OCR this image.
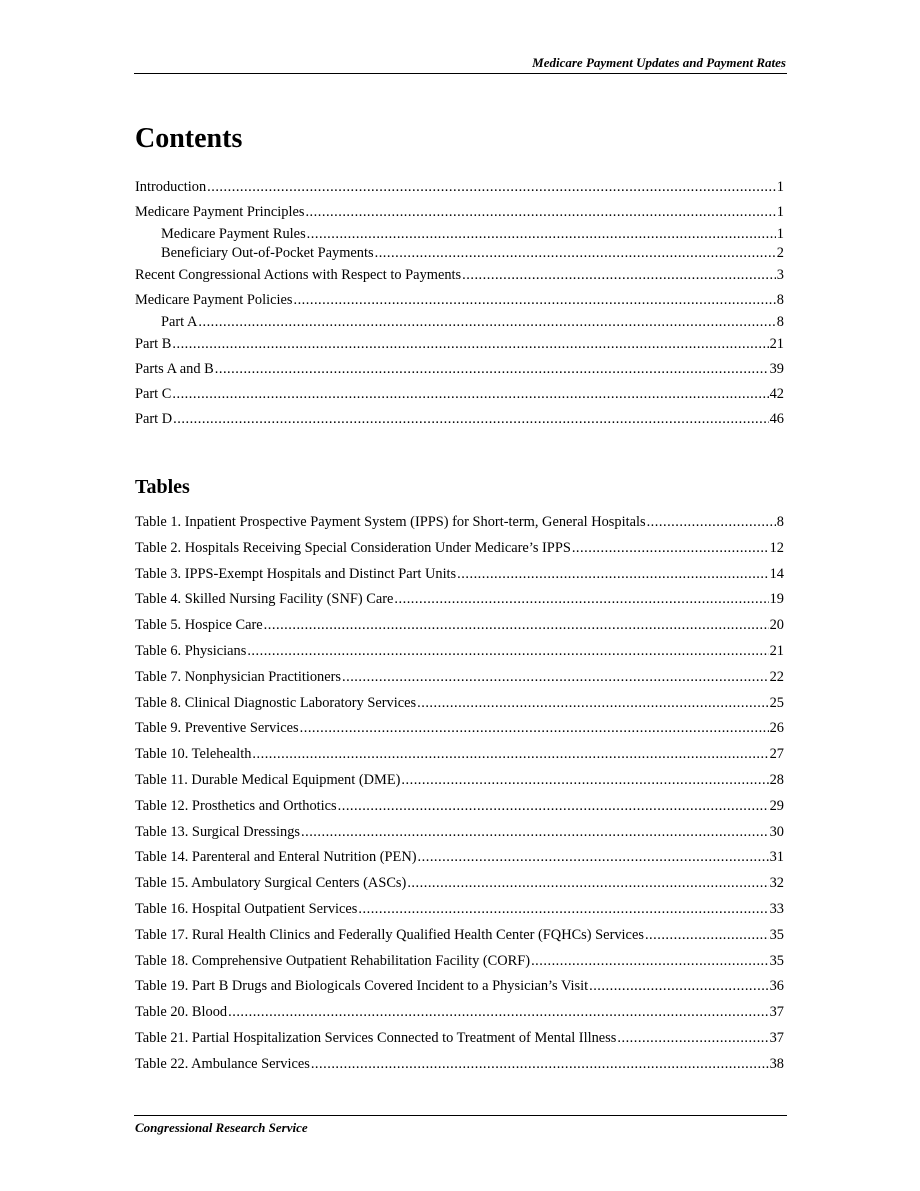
Medicare Payment Updates and Payment Rates
Contents
Introduction .....	1
Medicare Payment Principles .....	1
Medicare Payment Rules .....	1
Beneficiary Out-of-Pocket Payments .....	2
Recent Congressional Actions with Respect to Payments .....	3
Medicare Payment Policies .....	8
Part A .....	8
Part B .....	21
Parts A and B .....	39
Part C .....	42
Part D .....	46
Tables
Table 1. Inpatient Prospective Payment System (IPPS) for Short-term, General Hospitals .....	8
Table 2. Hospitals Receiving Special Consideration Under Medicare’s IPPS .....	12
Table 3. IPPS-Exempt Hospitals and Distinct Part Units .....	14
Table 4. Skilled Nursing Facility (SNF) Care .....	19
Table 5. Hospice Care .....	20
Table 6. Physicians .....	21
Table 7. Nonphysician Practitioners .....	22
Table 8. Clinical Diagnostic Laboratory Services .....	25
Table 9. Preventive Services .....	26
Table 10. Telehealth .....	27
Table 11. Durable Medical Equipment (DME) .....	28
Table 12. Prosthetics and Orthotics .....	29
Table 13. Surgical Dressings .....	30
Table 14. Parenteral and Enteral Nutrition (PEN) .....	31
Table 15. Ambulatory Surgical Centers (ASCs) .....	32
Table 16. Hospital Outpatient Services .....	33
Table 17. Rural Health Clinics and Federally Qualified Health Center (FQHCs) Services .....	35
Table 18. Comprehensive Outpatient Rehabilitation Facility (CORF) .....	35
Table 19. Part B Drugs and Biologicals Covered Incident to a Physician’s Visit .....	36
Table 20. Blood .....	37
Table 21. Partial Hospitalization Services Connected to Treatment of Mental Illness .....	37
Table 22. Ambulance Services .....	38
Congressional Research Service
